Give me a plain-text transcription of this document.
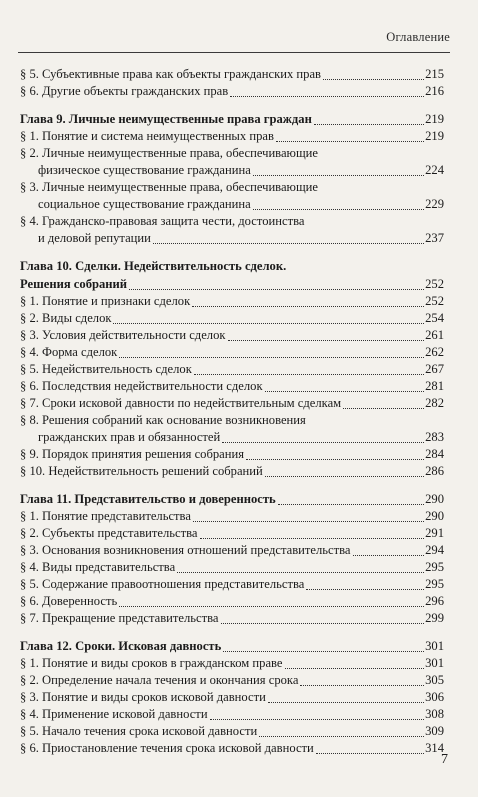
Оглавление
§ 5. Субъективные права как объекты гражданских прав	215
§ 6. Другие объекты гражданских прав	216
Глава 9. Личные неимущественные права граждан	219
§ 1. Понятие и система неимущественных прав	219
§ 2. Личные неимущественные права, обеспечивающие
физическое существование гражданина	224
§ 3. Личные неимущественные права, обеспечивающие
социальное существование гражданина	229
§ 4. Гражданско-правовая защита чести, достоинства
и деловой репутации	237
Глава 10. Сделки. Недействительность сделок.
Решения собраний	252
§ 1. Понятие и признаки сделок	252
§ 2. Виды сделок	254
§ 3. Условия действительности сделок	261
§ 4. Форма сделок	262
§ 5. Недействительность сделок	267
§ 6. Последствия недействительности сделок	281
§ 7. Сроки исковой давности по недействительным сделкам	282
§ 8. Решения собраний как основание возникновения
гражданских прав и обязанностей	283
§ 9. Порядок принятия решения собрания	284
§ 10. Недействительность решений собраний	286
Глава 11. Представительство и доверенность	290
§ 1. Понятие представительства	290
§ 2. Субъекты представительства	291
§ 3. Основания возникновения отношений представительства	294
§ 4. Виды представительства	295
§ 5. Содержание правоотношения представительства	295
§ 6. Доверенность	296
§ 7. Прекращение представительства	299
Глава 12. Сроки. Исковая давность	301
§ 1. Понятие и виды сроков в гражданском праве	301
§ 2. Определение начала течения и окончания срока	305
§ 3. Понятие и виды сроков исковой давности	306
§ 4. Применение исковой давности	308
§ 5. Начало течения срока исковой давности	309
§ 6. Приостановление течения срока исковой давности	314
7
